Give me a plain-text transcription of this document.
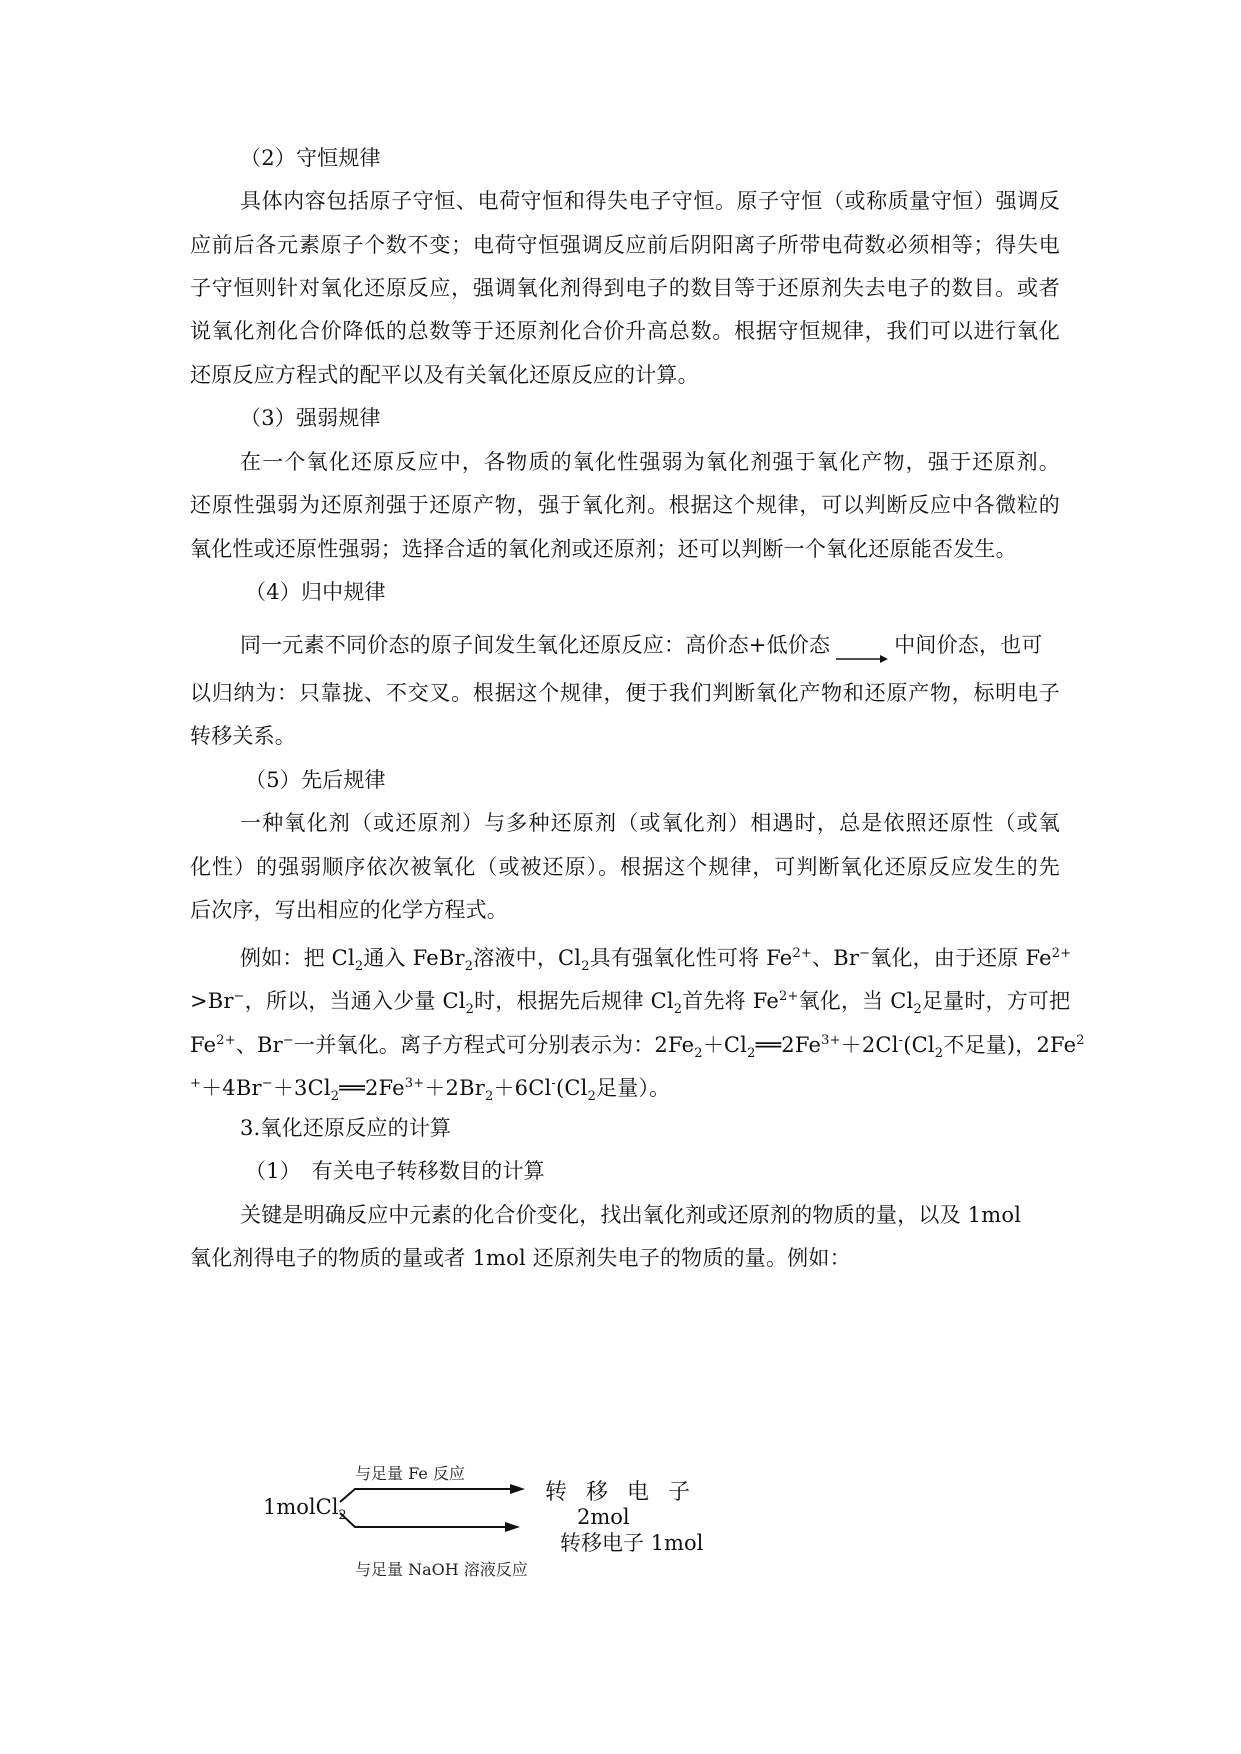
（2）守恒规律
具体内容包括原子守恒、电荷守恒和得失电子守恒。原子守恒（或称质量守恒）强调反
应前后各元素原子个数不变；电荷守恒强调反应前后阴阳离子所带电荷数必须相等；得失电
子守恒则针对氧化还原反应，强调氧化剂得到电子的数目等于还原剂失去电子的数目。或者
说氧化剂化合价降低的总数等于还原剂化合价升高总数。根据守恒规律，我们可以进行氧化
还原反应方程式的配平以及有关氧化还原反应的计算。
（3）强弱规律
在一个氧化还原反应中，各物质的氧化性强弱为氧化剂强于氧化产物，强于还原剂。
还原性强弱为还原剂强于还原产物，强于氧化剂。根据这个规律，可以判断反应中各微粒的
氧化性或还原性强弱；选择合适的氧化剂或还原剂；还可以判断一个氧化还原能否发生。
（4）归中规律
同一元素不同价态的原子间发生氧化还原反应：高价态+低价态	中间价态，也可
以归纳为：只靠拢、不交叉。根据这个规律，便于我们判断氧化产物和还原产物，标明电子
转移关系。
（5）先后规律
一种氧化剂（或还原剂）与多种还原剂（或氧化剂）相遇时，总是依照还原性（或氧
化性）的强弱顺序依次被氧化（或被还原）。根据这个规律，可判断氧化还原反应发生的先
后次序，写出相应的化学方程式。
例如：把 $Cl_2$通入 FeBr$_2$溶液中，$Cl_2$具有强氧化性可将 $Fe^{2+}$、Br−氧化，由于还原 $Fe^{2+}$
>Br−，所以，当通入少量 $Cl_2$时，根据先后规律 $Cl_2$首先将 $Fe^{2+}$氧化，当 $Cl_2$足量时，方可把
$Fe^{2+}$、Br−一并氧化。离子方程式可分别表示为：$2Fe_2+Cl_2══2Fe^{3+}+2Cl^-(Cl_2$不足量)，2Fe$^2$
$^++4Br^-+3Cl_2══2Fe^{3+}+2Br_2+6Cl^-(Cl_2$足量）。
3.氧化还原反应的计算
（1）　有关电子转移数目的计算
关键是明确反应中元素的化合价变化，找出氧化剂或还原剂的物质的量，以及 1mol
氧化剂得电子的物质的量或者 1mol 还原剂失电子的物质的量。例如：
1molCl$_2$
与足量 Fe 反应
转 移 电 子
2mol
转移电子 1mol
与足量 NaOH 溶液反应
